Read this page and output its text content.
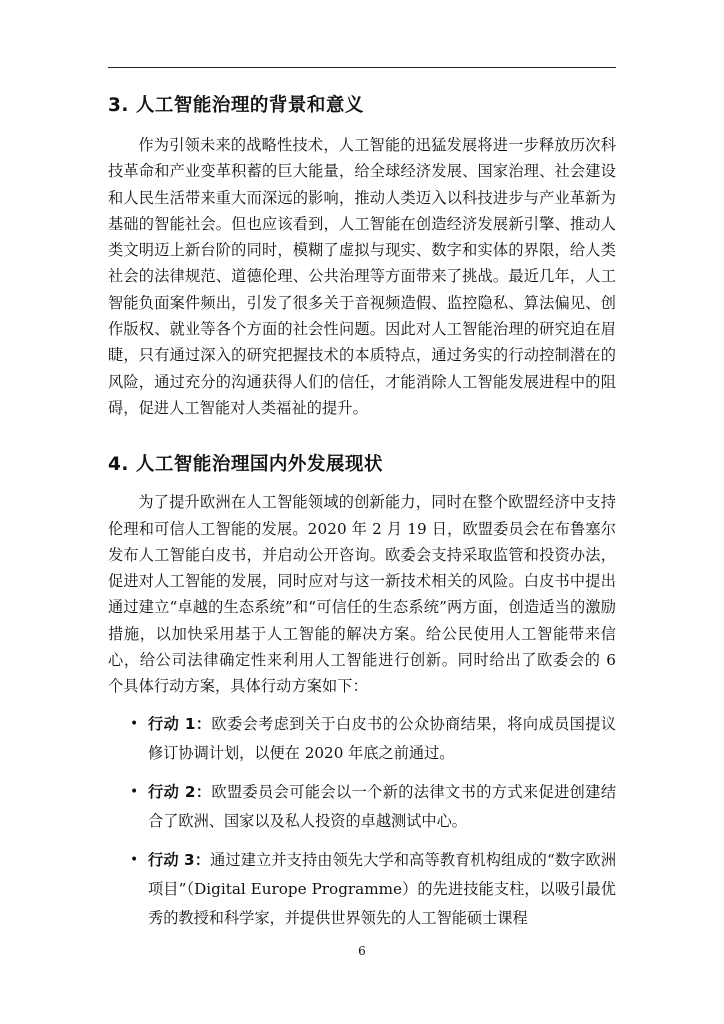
3. 人工智能治理的背景和意义

作为引领未来的战略性技术，人工智能的迅猛发展将进一步释放历次科技革命和产业变革积蓄的巨大能量，给全球经济发展、国家治理、社会建设和人民生活带来重大而深远的影响，推动人类迈入以科技进步与产业革新为基础的智能社会。但也应该看到，人工智能在创造经济发展新引擎、推动人类文明迈上新台阶的同时，模糊了虚拟与现实、数字和实体的界限，给人类社会的法律规范、道德伦理、公共治理等方面带来了挑战。最近几年，人工智能负面案件频出，引发了很多关于音视频造假、监控隐私、算法偏见、创作版权、就业等各个方面的社会性问题。因此对人工智能治理的研究迫在眉睫，只有通过深入的研究把握技术的本质特点，通过务实的行动控制潜在的风险，通过充分的沟通获得人们的信任，才能消除人工智能发展进程中的阻碍，促进人工智能对人类福祉的提升。

4. 人工智能治理国内外发展现状

为了提升欧洲在人工智能领域的创新能力，同时在整个欧盟经济中支持伦理和可信人工智能的发展。2020 年 2 月 19 日，欧盟委员会在布鲁塞尔发布人工智能白皮书，并启动公开咨询。欧委会支持采取监管和投资办法，促进对人工智能的发展，同时应对与这一新技术相关的风险。白皮书中提出通过建立“卓越的生态系统”和“可信任的生态系统”两方面，创造适当的激励措施，以加快采用基于人工智能的解决方案。给公民使用人工智能带来信心，给公司法律确定性来利用人工智能进行创新。同时给出了欧委会的 6 个具体行动方案，具体行动方案如下：

• 行动 1：欧委会考虑到关于白皮书的公众协商结果，将向成员国提议修订协调计划，以便在 2020 年底之前通过。
• 行动 2：欧盟委员会可能会以一个新的法律文书的方式来促进创建结合了欧洲、国家以及私人投资的卓越测试中心。
• 行动 3：通过建立并支持由领先大学和高等教育机构组成的“数字欧洲项目”（Digital Europe Programme）的先进技能支柱，以吸引最优秀的教授和科学家，并提供世界领先的人工智能硕士课程
6
